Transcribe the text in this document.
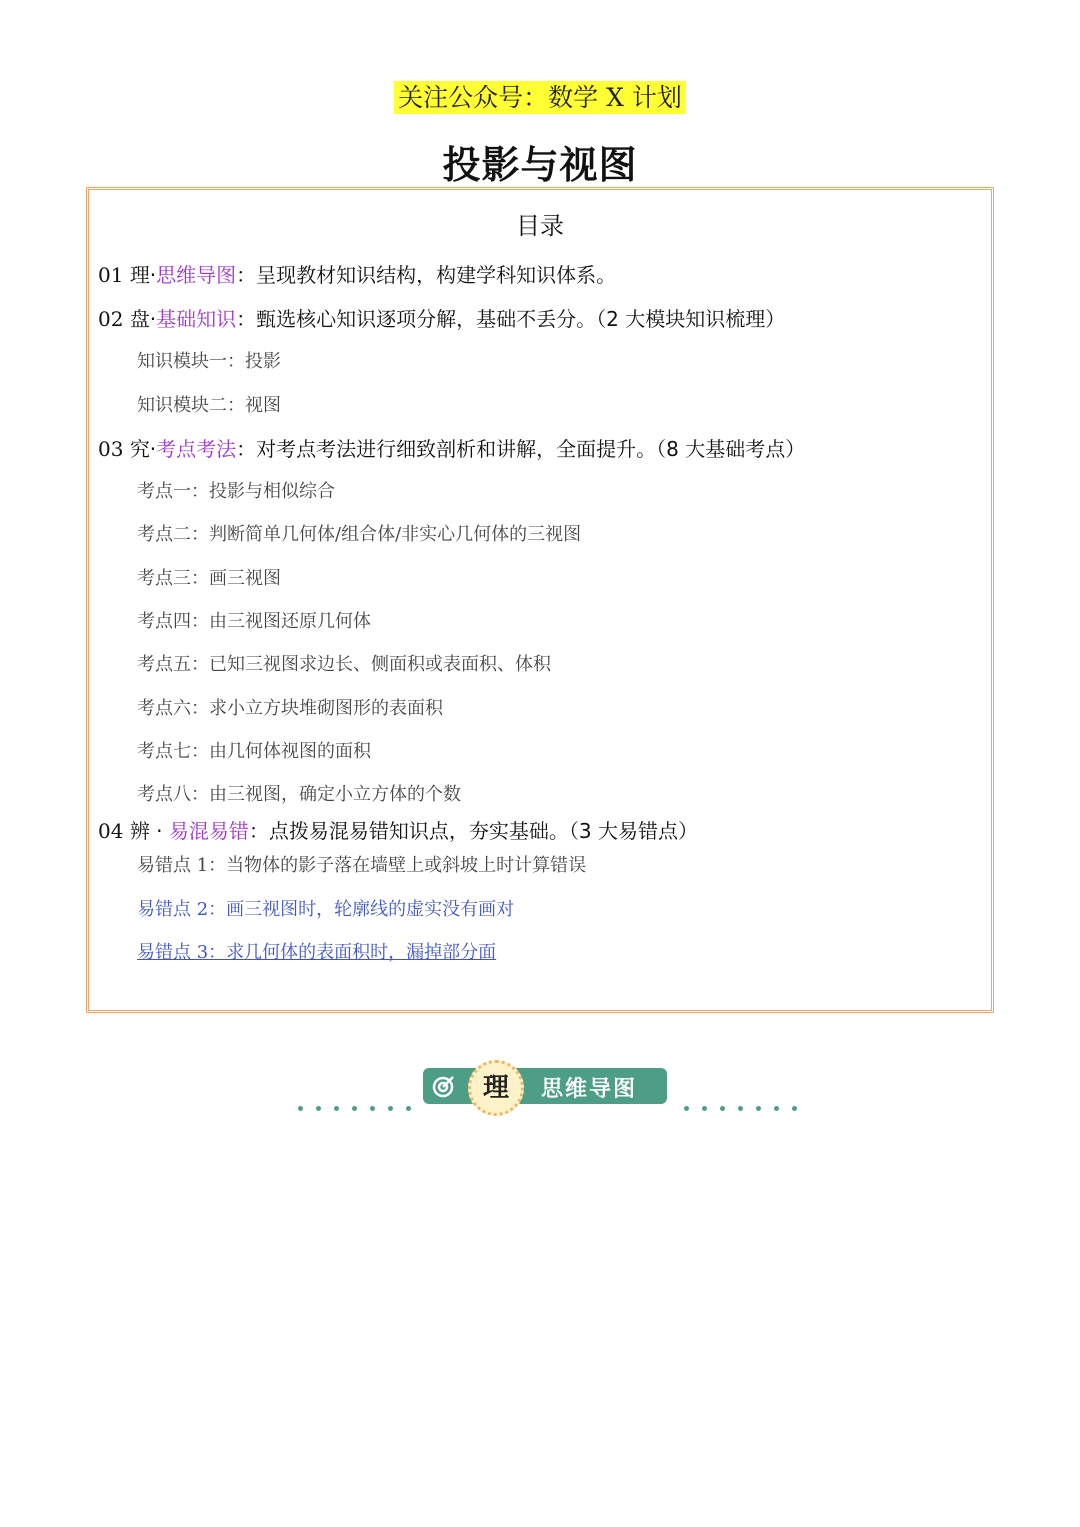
关注公众号：数学 X 计划
投影与视图
目录
01 理·思维导图：呈现教材知识结构，构建学科知识体系。
02 盘·基础知识：甄选核心知识逐项分解，基础不丢分。（2 大模块知识梳理）
知识模块一：投影
知识模块二：视图
03 究·考点考法：对考点考法进行细致剖析和讲解，全面提升。（8 大基础考点）
考点一：投影与相似综合
考点二：判断简单几何体/组合体/非实心几何体的三视图
考点三：画三视图
考点四：由三视图还原几何体
考点五：已知三视图求边长、侧面积或表面积、体积
考点六：求小立方块堆砌图形的表面积
考点七：由几何体视图的面积
考点八：由三视图，确定小立方体的个数
04 辨 · 易混易错：点拨易混易错知识点，夯实基础。（3 大易错点）
易错点 1：当物体的影子落在墙壁上或斜坡上时计算错误
易错点 2：画三视图时，轮廓线的虚实没有画对
易错点 3：求几何体的表面积时，漏掉部分面
思维导图
理
